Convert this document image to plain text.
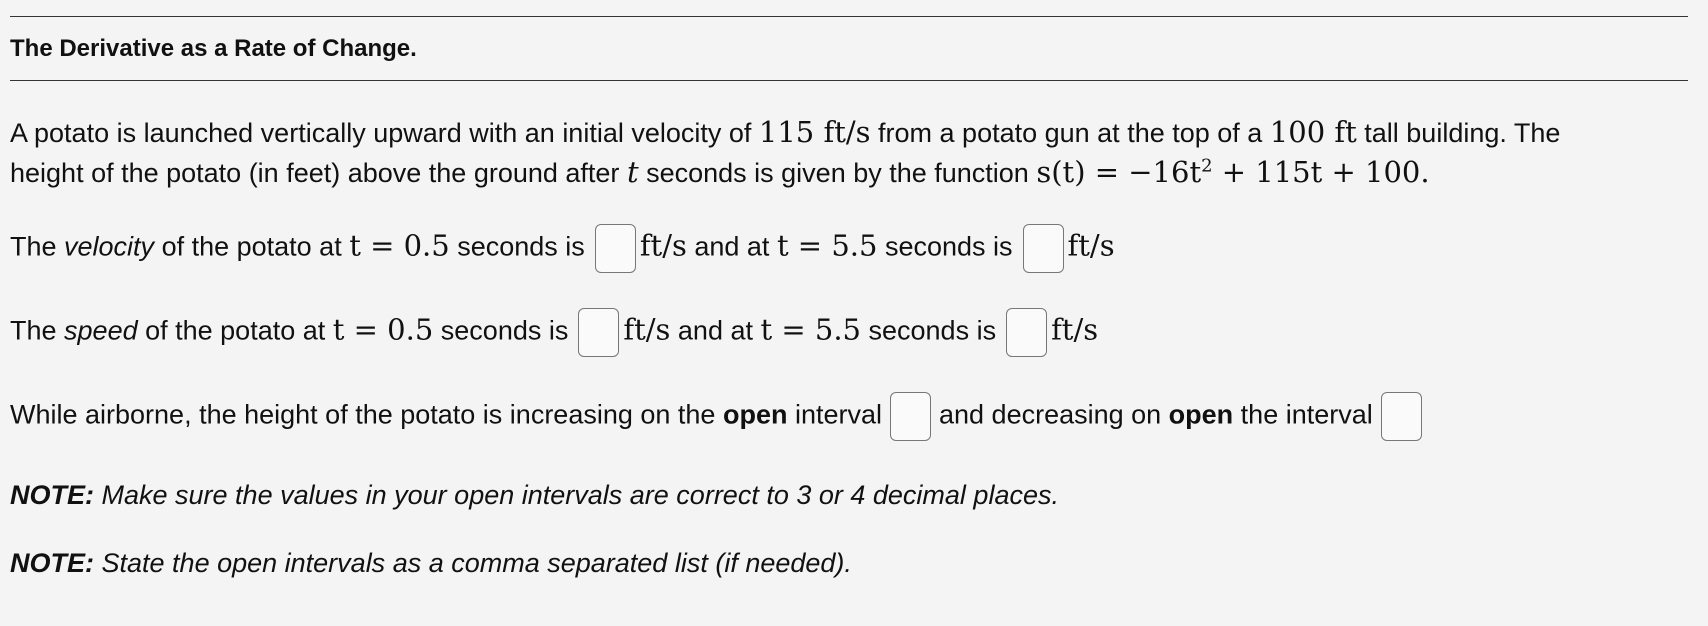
The Derivative as a Rate of Change.
A potato is launched vertically upward with an initial velocity of 115 ft/s from a potato gun at the top of a 100 ft tall building. The
height of the potato (in feet) above the ground after t seconds is given by the function $s(t) = -16t^2 + 115t + 100$.
The velocity of the potato at t = 0.5 seconds is ft/s and at t = 5.5 seconds is ft/s
The speed of the potato at t = 0.5 seconds is ft/s and at t = 5.5 seconds is ft/s
While airborne, the height of the potato is increasing on the open interval and decreasing on open the interval
NOTE: Make sure the values in your open intervals are correct to 3 or 4 decimal places.
NOTE: State the open intervals as a comma separated list (if needed).
